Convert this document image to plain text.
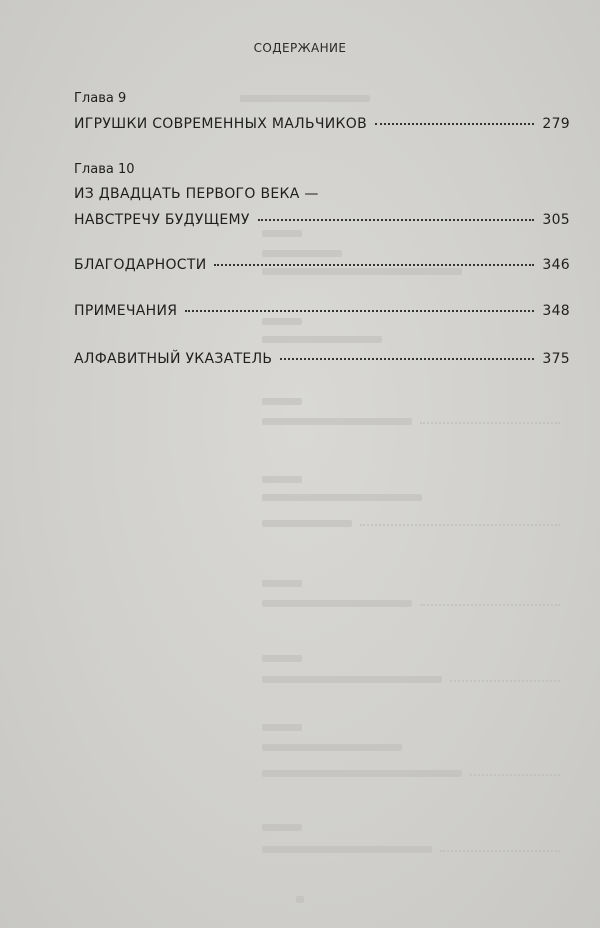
СОДЕРЖАНИЕ
Глава 9
ИГРУШКИ СОВРЕМЕННЫХ МАЛЬЧИКОВ	279
Глава 10
ИЗ ДВАДЦАТЬ ПЕРВОГО ВЕКА —
НАВСТРЕЧУ БУДУЩЕМУ	305
БЛАГОДАРНОСТИ	346
ПРИМЕЧАНИЯ	348
АЛФАВИТНЫЙ УКАЗАТЕЛЬ	375
